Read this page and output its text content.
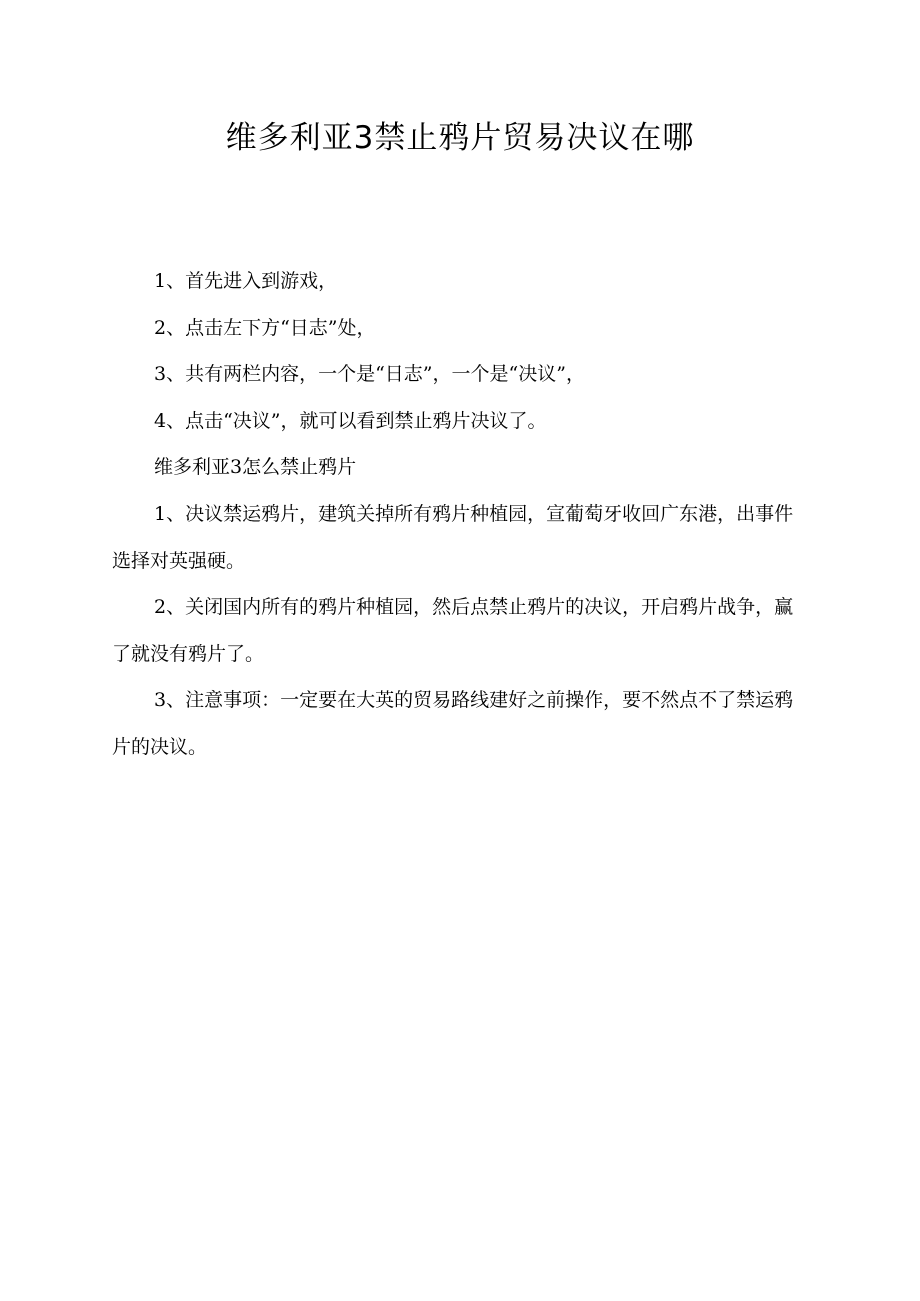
维多利亚3禁止鸦片贸易决议在哪

1、首先进入到游戏，

2、点击左下方“日志”处，

3、共有两栏内容，一个是“日志”，一个是“决议”，

4、点击“决议”，就可以看到禁止鸦片决议了。

维多利亚3怎么禁止鸦片

1、决议禁运鸦片，建筑关掉所有鸦片种植园，宣葡萄牙收回广东港，出事件选择对英强硬。

2、关闭国内所有的鸦片种植园，然后点禁止鸦片的决议，开启鸦片战争，赢了就没有鸦片了。

3、注意事项：一定要在大英的贸易路线建好之前操作，要不然点不了禁运鸦片的决议。
